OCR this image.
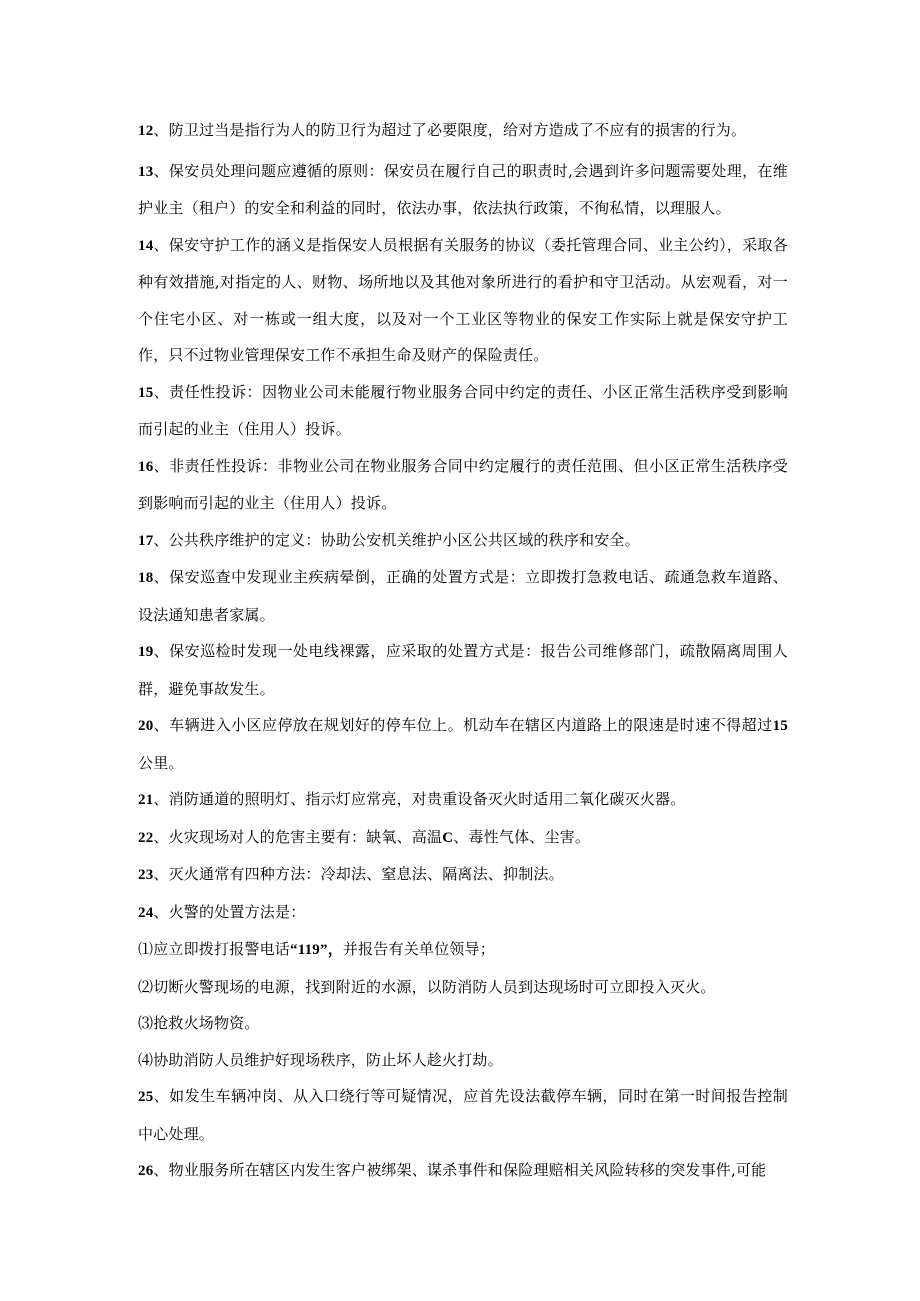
12、防卫过当是指行为人的防卫行为超过了必要限度，给对方造成了不应有的损害的行为。

13、保安员处理问题应遵循的原则：保安员在履行自己的职责时,会遇到许多问题需要处理，在维护业主（租户）的安全和利益的同时，依法办事，依法执行政策，不徇私情，以理服人。

14、保安守护工作的涵义是指保安人员根据有关服务的协议（委托管理合同、业主公约），采取各种有效措施,对指定的人、财物、场所地以及其他对象所进行的看护和守卫活动。从宏观看，对一个住宅小区、对一栋或一组大度，以及对一个工业区等物业的保安工作实际上就是保安守护工作，只不过物业管理保安工作不承担生命及财产的保险责任。

15、责任性投诉：因物业公司未能履行物业服务合同中约定的责任、小区正常生活秩序受到影响而引起的业主（住用人）投诉。

16、非责任性投诉：非物业公司在物业服务合同中约定履行的责任范围、但小区正常生活秩序受到影响而引起的业主（住用人）投诉。

17、公共秩序维护的定义：协助公安机关维护小区公共区域的秩序和安全。

18、保安巡查中发现业主疾病晕倒，正确的处置方式是：立即拨打急救电话、疏通急救车道路、设法通知患者家属。

19、保安巡检时发现一处电线裸露，应采取的处置方式是：报告公司维修部门，疏散隔离周围人群，避免事故发生。

20、车辆进入小区应停放在规划好的停车位上。机动车在辖区内道路上的限速是时速不得超过15公里。

21、消防通道的照明灯、指示灯应常亮，对贵重设备灭火时适用二氧化碳灭火器。

22、火灾现场对人的危害主要有：缺氧、高温C、毒性气体、尘害。

23、灭火通常有四种方法：冷却法、窒息法、隔离法、抑制法。

24、火警的处置方法是：

⑴应立即拨打报警电话“119”，并报告有关单位领导；

⑵切断火警现场的电源，找到附近的水源，以防消防人员到达现场时可立即投入灭火。

⑶抢救火场物资。

⑷协助消防人员维护好现场秩序，防止坏人趁火打劫。

25、如发生车辆冲岗、从入口绕行等可疑情况，应首先设法截停车辆，同时在第一时间报告控制中心处理。

26、物业服务所在辖区内发生客户被绑架、谋杀事件和保险理赔相关风险转移的突发事件,可能
